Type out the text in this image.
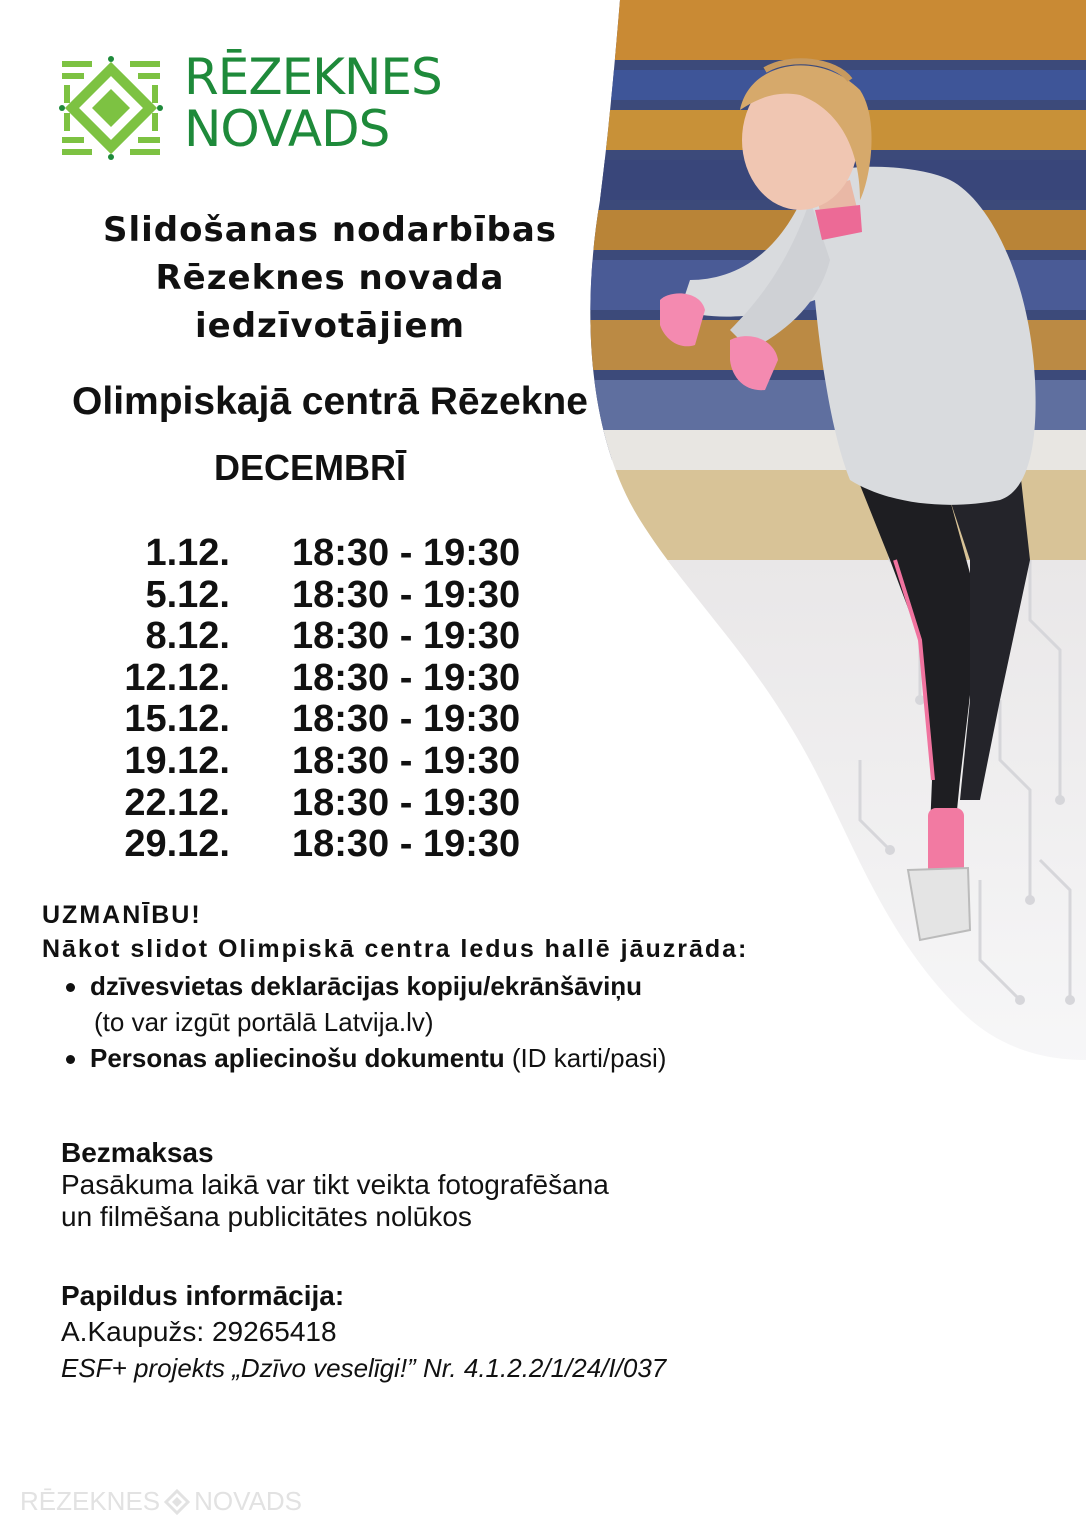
RĒZEKNES
NOVADS
Slidošanas nodarbības
Rēzeknes novada
iedzīvotājiem
Olimpiskajā centrā Rēzekne
DECEMBRĪ
1.12. 18:30 - 19:30
5.12. 18:30 - 19:30
8.12. 18:30 - 19:30
12.12. 18:30 - 19:30
15.12. 18:30 - 19:30
19.12. 18:30 - 19:30
22.12. 18:30 - 19:30
29.12. 18:30 - 19:30
UZMANĪBU!
Nākot slidot Olimpiskā centra ledus hallē jāuzrāda:
dzīvesvietas deklarācijas kopiju/ekrānšāviņu
(to var izgūt portālā Latvija.lv)
Personas apliecinošu dokumentu (ID karti/pasi)
Bezmaksas
Pasākuma laikā var tikt veikta fotografēšana
un filmēšana publicitātes nolūkos
Papildus informācija:
A.Kaupužs: 29265418
ESF+ projekts „Dzīvo veselīgi!” Nr. 4.1.2.2/1/24/I/037
RĒZEKNES NOVADS
